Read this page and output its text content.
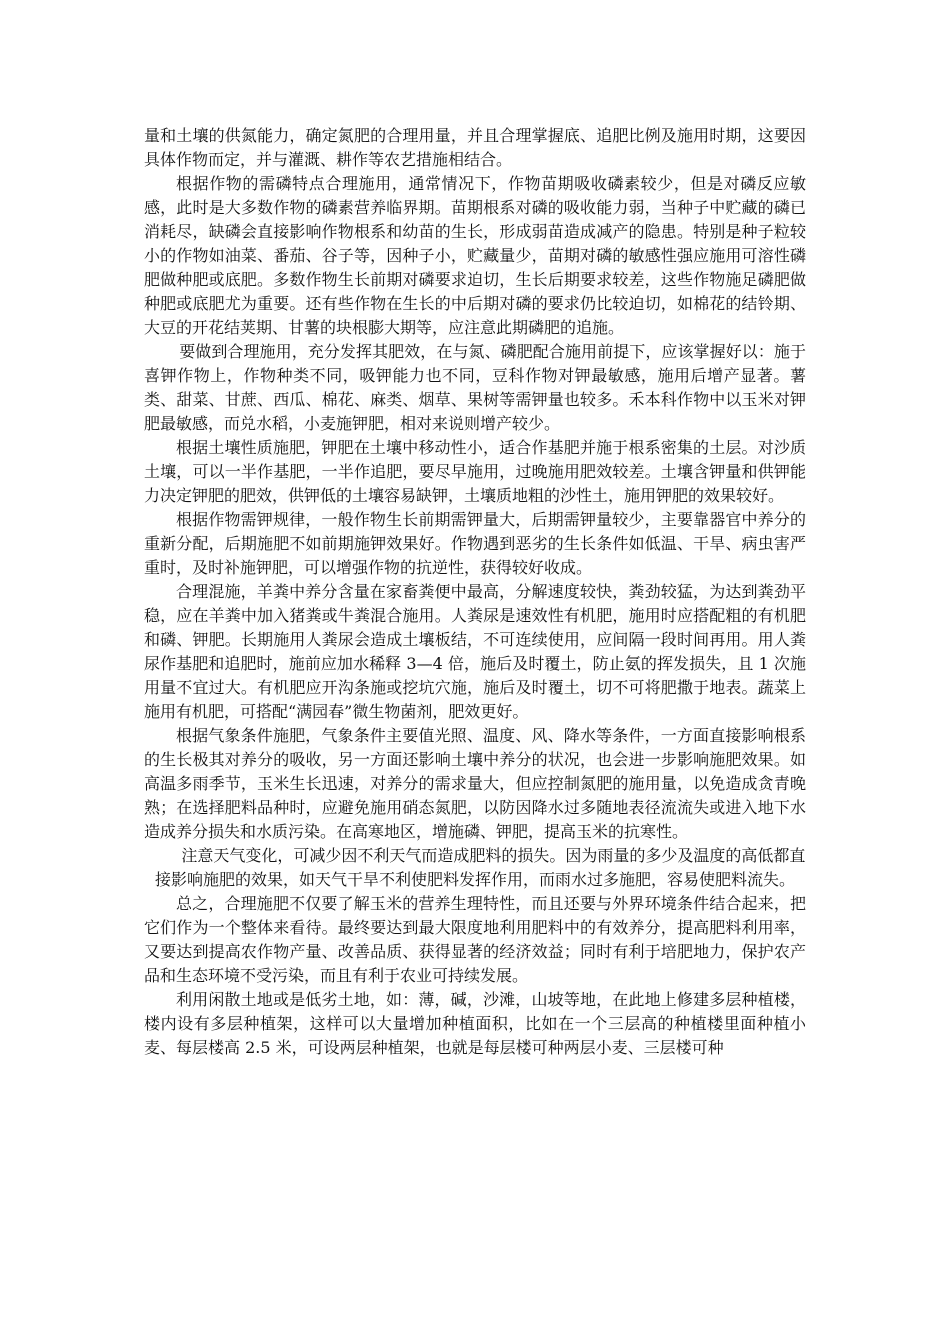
量和土壤的供氮能力，确定氮肥的合理用量，并且合理掌握底、追肥比例及施用时期，这要因具体作物而定，并与灌溉、耕作等农艺措施相结合。

根据作物的需磷特点合理施用，通常情况下，作物苗期吸收磷素较少，但是对磷反应敏感，此时是大多数作物的磷素营养临界期。苗期根系对磷的吸收能力弱，当种子中贮藏的磷已消耗尽，缺磷会直接影响作物根系和幼苗的生长，形成弱苗造成减产的隐患。特别是种子粒较小的作物如油菜、番茄、谷子等，因种子小，贮藏量少，苗期对磷的敏感性强应施用可溶性磷肥做种肥或底肥。多数作物生长前期对磷要求迫切，生长后期要求较差，这些作物施足磷肥做种肥或底肥尤为重要。还有些作物在生长的中后期对磷的要求仍比较迫切，如棉花的结铃期、大豆的开花结荚期、甘薯的块根膨大期等，应注意此期磷肥的追施。

要做到合理施用，充分发挥其肥效，在与氮、磷肥配合施用前提下，应该掌握好以：施于喜钾作物上，作物种类不同，吸钾能力也不同，豆科作物对钾最敏感，施用后增产显著。薯类、甜菜、甘蔗、西瓜、棉花、麻类、烟草、果树等需钾量也较多。禾本科作物中以玉米对钾肥最敏感，而兑水稻，小麦施钾肥，相对来说则增产较少。

根据土壤性质施肥，钾肥在土壤中移动性小，适合作基肥并施于根系密集的土层。对沙质土壤，可以一半作基肥，一半作追肥，要尽早施用，过晚施用肥效较差。土壤含钾量和供钾能力决定钾肥的肥效，供钾低的土壤容易缺钾，土壤质地粗的沙性土，施用钾肥的效果较好。

根据作物需钾规律，一般作物生长前期需钾量大，后期需钾量较少，主要靠器官中养分的重新分配，后期施肥不如前期施钾效果好。作物遇到恶劣的生长条件如低温、干旱、病虫害严重时，及时补施钾肥，可以增强作物的抗逆性，获得较好收成。

合理混施，羊粪中养分含量在家畜粪便中最高，分解速度较快，粪劲较猛，为达到粪劲平稳，应在羊粪中加入猪粪或牛粪混合施用。人粪尿是速效性有机肥，施用时应搭配粗的有机肥和磷、钾肥。长期施用人粪尿会造成土壤板结，不可连续使用，应间隔一段时间再用。用人粪尿作基肥和追肥时，施前应加水稀释 3—4 倍，施后及时覆土，防止氨的挥发损失，且 1 次施用量不宜过大。有机肥应开沟条施或挖坑穴施，施后及时覆土，切不可将肥撒于地表。蔬菜上施用有机肥，可搭配“满园春”微生物菌剂，肥效更好。

根据气象条件施肥，气象条件主要值光照、温度、风、降水等条件，一方面直接影响根系的生长极其对养分的吸收，另一方面还影响土壤中养分的状况，也会进一步影响施肥效果。如高温多雨季节，玉米生长迅速，对养分的需求量大，但应控制氮肥的施用量，以免造成贪青晚熟；在选择肥料品种时，应避免施用硝态氮肥，以防因降水过多随地表径流流失或进入地下水造成养分损失和水质污染。在高寒地区，增施磷、钾肥，提高玉米的抗寒性。

注意天气变化，可减少因不利天气而造成肥料的损失。因为雨量的多少及温度的高低都直接影响施肥的效果，如天气干旱不利使肥料发挥作用，而雨水过多施肥，容易使肥料流失。

总之，合理施肥不仅要了解玉米的营养生理特性，而且还要与外界环境条件结合起来，把它们作为一个整体来看待。最终要达到最大限度地利用肥料中的有效养分，提高肥料利用率，又要达到提高农作物产量、改善品质、获得显著的经济效益；同时有利于培肥地力，保护农产品和生态环境不受污染，而且有利于农业可持续发展。

利用闲散土地或是低劣土地，如：薄，碱，沙滩，山坡等地，在此地上修建多层种植楼，楼内设有多层种植架，这样可以大量增加种植面积，比如在一个三层高的种植楼里面种植小麦、每层楼高 2.5 米，可设两层种植架，也就是每层楼可种两层小麦、三层楼可种
